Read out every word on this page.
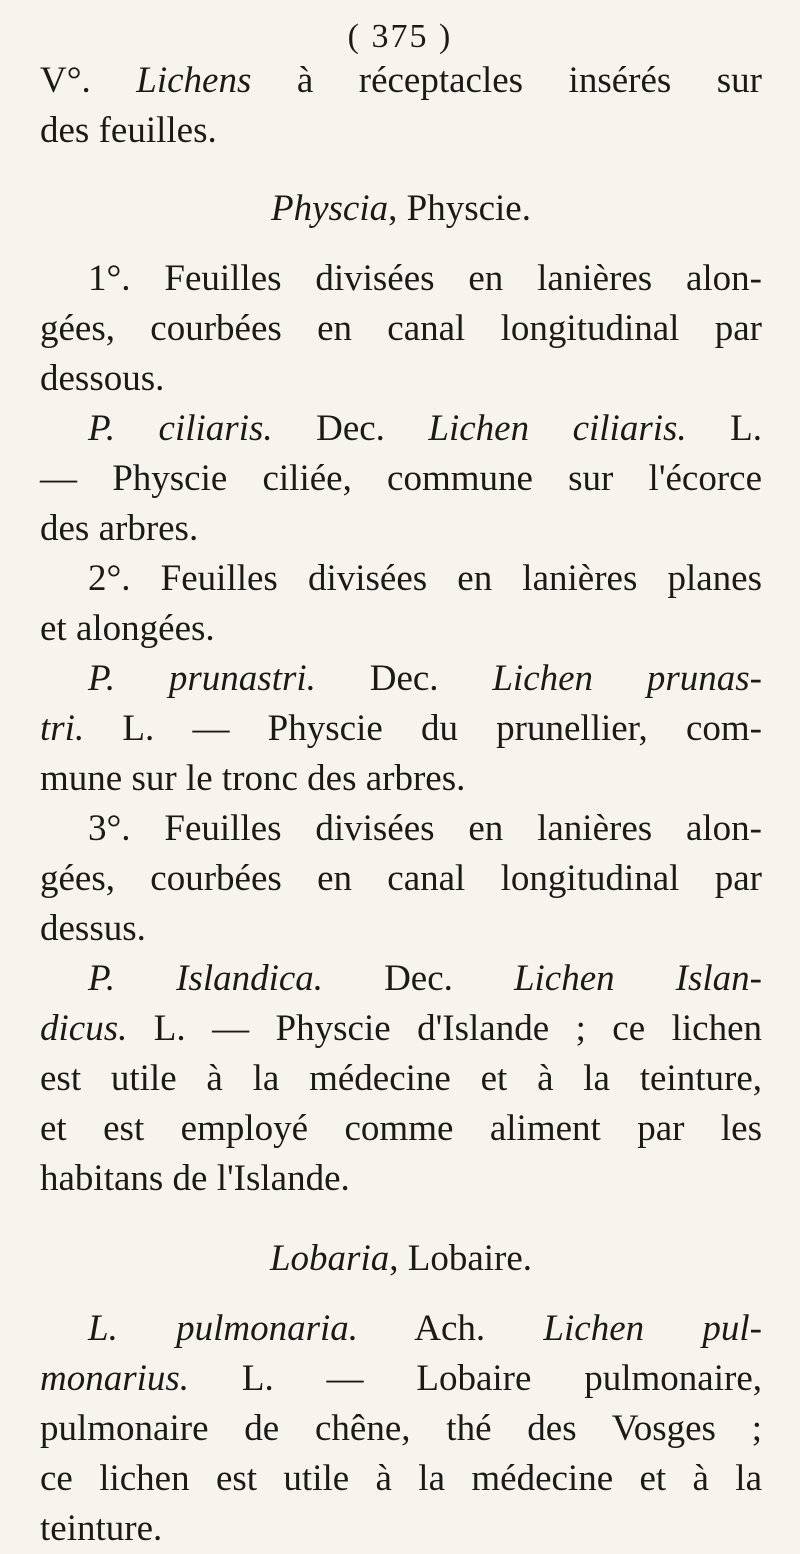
( 375 )
V°. Lichens à réceptacles insérés sur
des feuilles.
Physcia, Physcie.
1°. Feuilles divisées en lanières alon-
gées, courbées en canal longitudinal par
dessous.
P. ciliaris. Dec. Lichen ciliaris. L.
— Physcie ciliée, commune sur l'écorce
des arbres.
2°. Feuilles divisées en lanières planes
et alongées.
P. prunastri. Dec. Lichen prunas-
tri. L. — Physcie du prunellier, com-
mune sur le tronc des arbres.
3°. Feuilles divisées en lanières alon-
gées, courbées en canal longitudinal par
dessus.
P. Islandica. Dec. Lichen Islan-
dicus. L. — Physcie d'Islande ; ce lichen
est utile à la médecine et à la teinture,
et est employé comme aliment par les
habitans de l'Islande.
Lobaria, Lobaire.
L. pulmonaria. Ach. Lichen pul-
monarius. L. — Lobaire pulmonaire,
pulmonaire de chêne, thé des Vosges ;
ce lichen est utile à la médecine et à la
teinture.
